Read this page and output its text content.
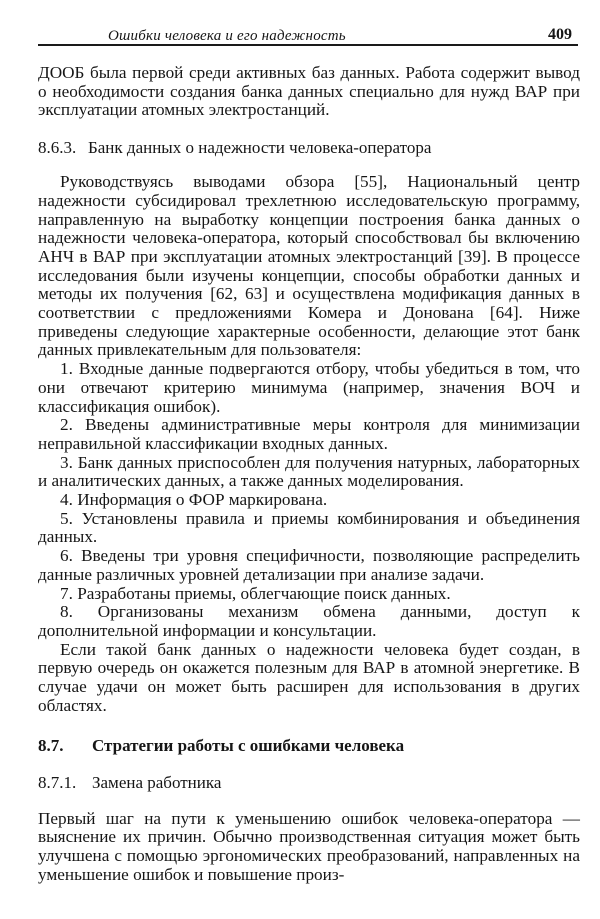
Ошибки человека и его надежность	409

ДООБ была первой среди активных баз данных. Работа содержит вывод о необходимости создания банка данных специально для нужд ВАР при эксплуатации атомных электростанций.

8.6.3. Банк данных о надежности человека-оператора

Руководствуясь выводами обзора [55], Национальный центр надежности субсидировал трехлетнюю исследовательскую программу, направленную на выработку концепции построения банка данных о надежности человека-оператора, который способствовал бы включению АНЧ в ВАР при эксплуатации атомных электростанций [39]. В процессе исследования были изучены концепции, способы обработки данных и методы их получения [62, 63] и осуществлена модификация данных в соответствии с предложениями Комера и Донована [64]. Ниже приведены следующие характерные особенности, делающие этот банк данных привлекательным для пользователя:

1. Входные данные подвергаются отбору, чтобы убедиться в том, что они отвечают критерию минимума (например, значения ВОЧ и классификация ошибок).

2. Введены административные меры контроля для минимизации неправильной классификации входных данных.

3. Банк данных приспособлен для получения натурных, лабораторных и аналитических данных, а также данных моделирования.

4. Информация о ФОР маркирована.

5. Установлены правила и приемы комбинирования и объединения данных.

6. Введены три уровня специфичности, позволяющие распределить данные различных уровней детализации при анализе задачи.

7. Разработаны приемы, облегчающие поиск данных.

8. Организованы механизм обмена данными, доступ к дополнительной информации и консультации.

Если такой банк данных о надежности человека будет создан, в первую очередь он окажется полезным для ВАР в атомной энергетике. В случае удачи он может быть расширен для использования в других областях.

8.7. Стратегии работы с ошибками человека
8.7.1. Замена работника

Первый шаг на пути к уменьшению ошибок человека-оператора — выяснение их причин. Обычно производственная ситуация может быть улучшена с помощью эргономических преобразований, направленных на уменьшение ошибок и повышение произ-
